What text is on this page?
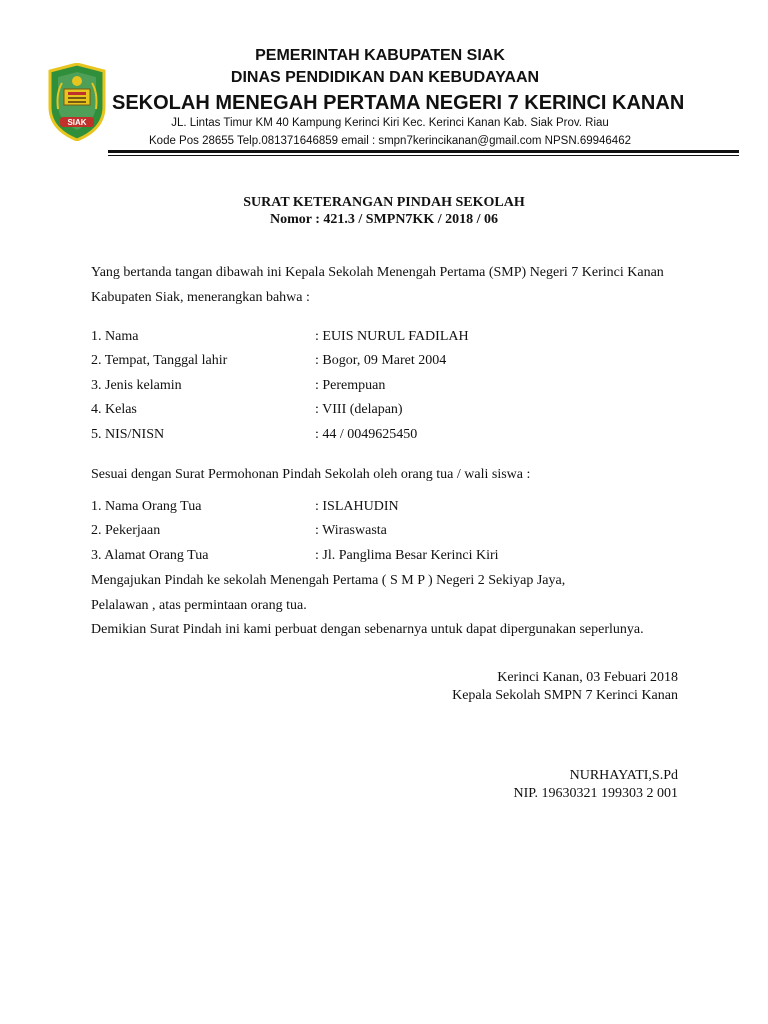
SIAK
PEMERINTAH KABUPATEN SIAK
DINAS PENDIDIKAN DAN KEBUDAYAAN
SEKOLAH MENEGAH PERTAMA NEGERI 7 KERINCI KANAN
JL. Lintas Timur KM 40 Kampung Kerinci Kiri Kec. Kerinci Kanan Kab. Siak Prov. Riau
Kode Pos 28655 Telp.081371646859 email : smpn7kerincikanan@gmail.com NPSN.69946462
SURAT KETERANGAN PINDAH SEKOLAH
Nomor : 421.3 / SMPN7KK / 2018 / 06
Yang bertanda tangan dibawah ini Kepala Sekolah Menengah Pertama (SMP) Negeri 7 Kerinci Kanan
Kabupaten Siak, menerangkan bahwa :
1. Nama	: EUIS NURUL FADILAH
2. Tempat, Tanggal lahir	: Bogor, 09 Maret 2004
3. Jenis kelamin	: Perempuan
4. Kelas	: VIII (delapan)
5. NIS/NISN	: 44 / 0049625450
Sesuai dengan Surat Permohonan Pindah Sekolah oleh orang tua / wali siswa :
1. Nama Orang Tua	: ISLAHUDIN
2. Pekerjaan	: Wiraswasta
3. Alamat Orang Tua	: Jl. Panglima Besar Kerinci Kiri
Mengajukan Pindah ke sekolah Menengah Pertama ( S M P ) Negeri 2 Sekiyap Jaya,
Pelalawan , atas permintaan orang tua.
Demikian Surat Pindah ini kami perbuat dengan sebenarnya untuk dapat dipergunakan seperlunya.
Kerinci Kanan, 03 Febuari 2018
Kepala Sekolah SMPN 7 Kerinci Kanan
NURHAYATI,S.Pd
NIP. 19630321 199303 2 001
